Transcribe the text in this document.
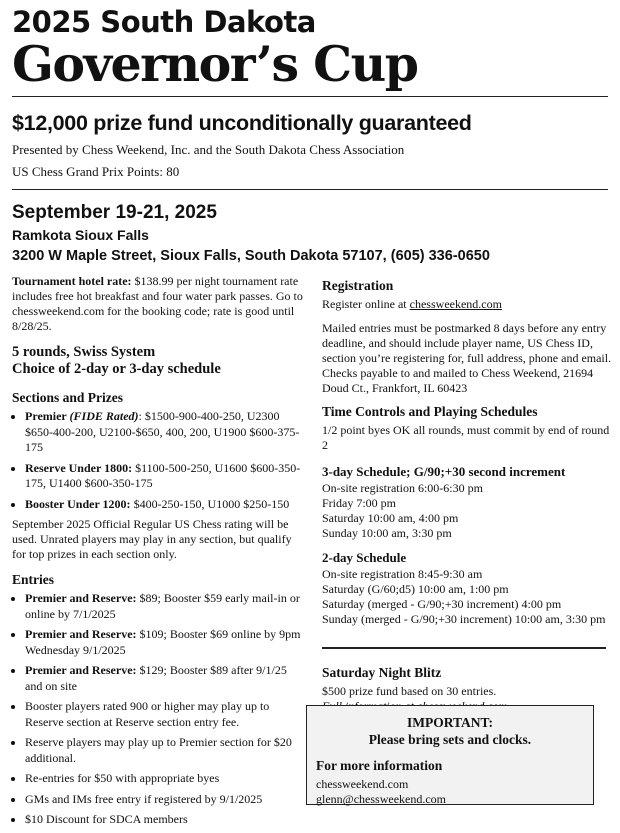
2025 South Dakota
Governor’s Cup
$12,000 prize fund unconditionally guaranteed

Presented by Chess Weekend, Inc. and the South Dakota Chess Association

US Chess Grand Prix Points: 80

September 19-21, 2025
Ramkota Sioux Falls
3200 W Maple Street, Sioux Falls, South Dakota 57107, (605) 336-0650

Tournament hotel rate: $138.99 per night tournament rate includes free hot breakfast and four water park passes. Go to chessweekend.com for the booking code; rate is good until 8/28/25.

5 rounds, Swiss System
Choice of 2-day or 3-day schedule
Sections and Prizes
• Premier (FIDE Rated): $1500-900-400-250, U2300 $650-400-200, U2100-$650, 400, 200, U1900 $600-375-175
• Reserve Under 1800: $1100-500-250, U1600 $600-350-175, U1400 $600-350-175
• Booster Under 1200: $400-250-150, U1000 $250-150

September 2025 Official Regular US Chess rating will be used. Unrated players may play in any section, but qualify for top prizes in each section only.

Entries
• Premier and Reserve: $89; Booster $59 early mail-in or online by 7/1/2025
• Premier and Reserve: $109; Booster $69 online by 9pm Wednesday 9/1/2025
• Premier and Reserve: $129; Booster $89 after 9/1/25 and on site
• Booster players rated 900 or higher may play up to Reserve section at Reserve section entry fee.
• Reserve players may play up to Premier section for $20 additional.
• Re-entries for $50 with appropriate byes
• GMs and IMs free entry if registered by 9/1/2025
• $10 Discount for SDCA members
Registration

Register online at chessweekend.com

Mailed entries must be postmarked 8 days before any entry deadline, and should include player name, US Chess ID, section you’re registering for, full address, phone and email. Checks payable to and mailed to Chess Weekend, 21694 Doud Ct., Frankfort, IL 60423

Time Controls and Playing Schedules

1/2 point byes OK all rounds, must commit by end of round 2

3-day Schedule; G/90;+30 second increment

On-site registration 6:00-6:30 pm

Friday 7:00 pm

Saturday 10:00 am, 4:00 pm

Sunday 10:00 am, 3:30 pm

2-day Schedule

On-site registration 8:45-9:30 am

Saturday (G/60;d5) 10:00 am, 1:00 pm

Saturday (merged - G/90;+30 increment) 4:00 pm

Sunday (merged - G/90;+30 increment) 10:00 am, 3:30 pm

Saturday Night Blitz

$500 prize fund based on 30 entries.

IMPORTANT:
Please bring sets and clocks.
For more information

chessweekend.com

glenn@chessweekend.com
